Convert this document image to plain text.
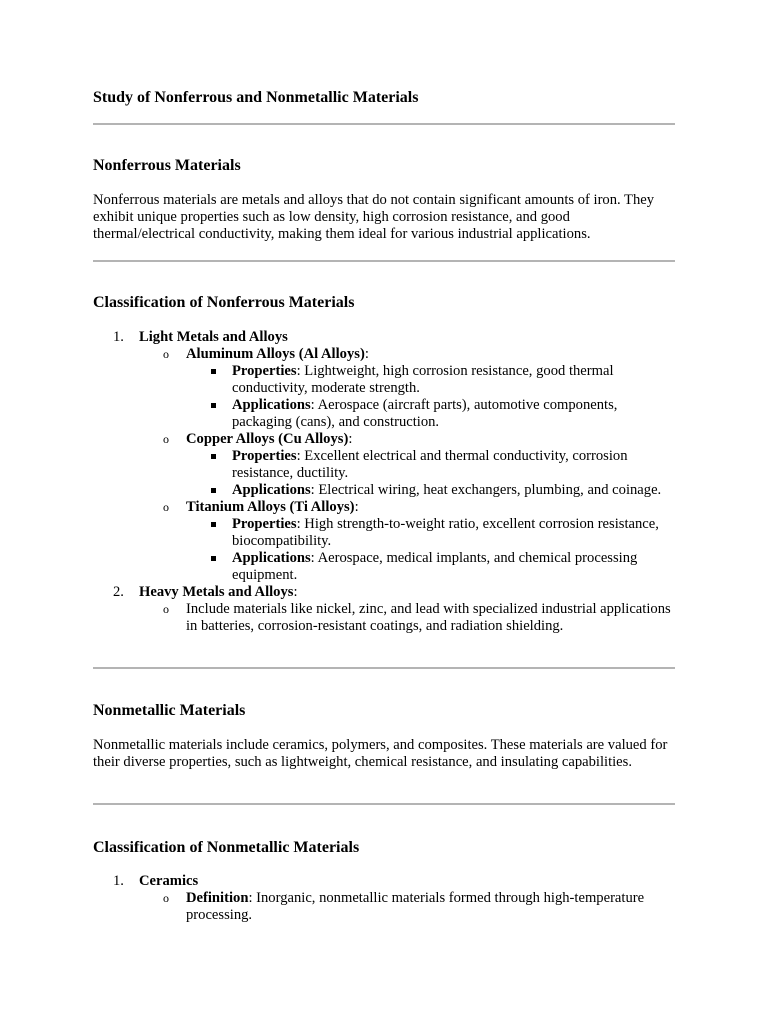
Study of Nonferrous and Nonmetallic Materials
Nonferrous Materials

Nonferrous materials are metals and alloys that do not contain significant amounts of iron. They exhibit unique properties such as low density, high corrosion resistance, and good thermal/electrical conductivity, making them ideal for various industrial applications.

Classification of Nonferrous Materials
1. Light Metals and Alloys
o Aluminum Alloys (Al Alloys):
Properties: Lightweight, high corrosion resistance, good thermal conductivity, moderate strength.
Applications: Aerospace (aircraft parts), automotive components, packaging (cans), and construction.
o Copper Alloys (Cu Alloys):
Properties: Excellent electrical and thermal conductivity, corrosion resistance, ductility.
Applications: Electrical wiring, heat exchangers, plumbing, and coinage.
o Titanium Alloys (Ti Alloys):
Properties: High strength-to-weight ratio, excellent corrosion resistance, biocompatibility.
Applications: Aerospace, medical implants, and chemical processing equipment.
2. Heavy Metals and Alloys:
o Include materials like nickel, zinc, and lead with specialized industrial applications in batteries, corrosion-resistant coatings, and radiation shielding.
Nonmetallic Materials

Nonmetallic materials include ceramics, polymers, and composites. These materials are valued for their diverse properties, such as lightweight, chemical resistance, and insulating capabilities.

Classification of Nonmetallic Materials
1. Ceramics
o Definition: Inorganic, nonmetallic materials formed through high-temperature processing.
